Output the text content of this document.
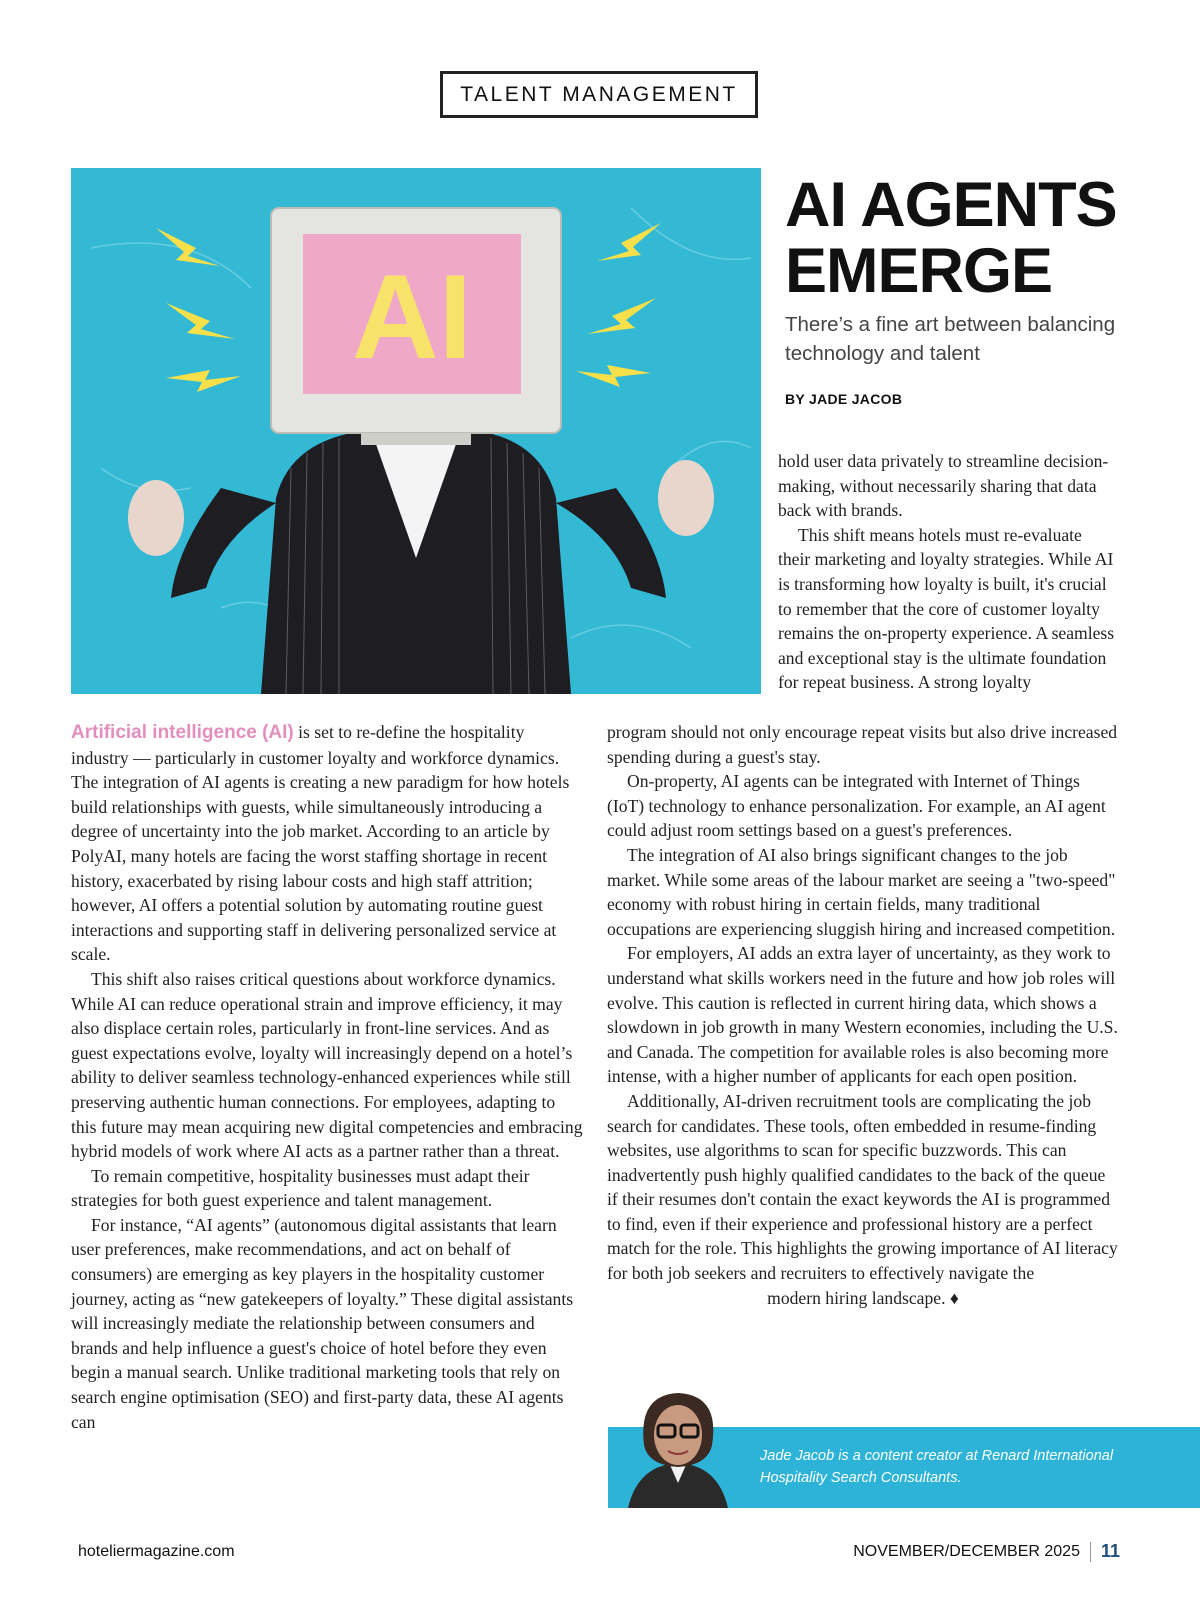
TALENT MANAGEMENT
AI
AI AGENTS
EMERGE
There’s a fine art between balancing technology and talent
BY JADE JACOB

hold user data privately to streamline decision-making, without necessarily sharing that data back with brands.

This shift means hotels must re-evaluate their marketing and loyalty strategies. While AI is transforming how loyalty is built, it's crucial to remember that the core of customer loyalty remains the on-property experience. A seamless and exceptional stay is the ultimate foundation for repeat business. A strong loyalty

Artificial intelligence (AI) is set to re-define the hospitality industry — particularly in customer loyalty and workforce dynamics. The integration of AI agents is creating a new paradigm for how hotels build relationships with guests, while simultaneously introducing a degree of uncertainty into the job market. According to an article by PolyAI, many hotels are facing the worst staffing shortage in recent history, exacerbated by rising labour costs and high staff attrition; however, AI offers a potential solution by automating routine guest interactions and supporting staff in delivering personalized service at scale.

This shift also raises critical questions about workforce dynamics. While AI can reduce operational strain and improve efficiency, it may also displace certain roles, particularly in front-line services. And as guest expectations evolve, loyalty will increasingly depend on a hotel’s ability to deliver seamless technology-enhanced experiences while still preserving authentic human connections. For employees, adapting to this future may mean acquiring new digital competencies and embracing hybrid models of work where AI acts as a partner rather than a threat.

To remain competitive, hospitality businesses must adapt their strategies for both guest experience and talent management.

For instance, “AI agents” (autonomous digital assistants that learn user preferences, make recommendations, and act on behalf of consumers) are emerging as key players in the hospitality customer journey, acting as “new gatekeepers of loyalty.” These digital assistants will increasingly mediate the relationship between consumers and brands and help influence a guest's choice of hotel before they even begin a manual search. Unlike traditional marketing tools that rely on search engine optimisation (SEO) and first-party data, these AI agents can

program should not only encourage repeat visits but also drive increased spending during a guest's stay.

On-property, AI agents can be integrated with Internet of Things (IoT) technology to enhance personalization. For example, an AI agent could adjust room settings based on a guest's preferences.

The integration of AI also brings significant changes to the job market. While some areas of the labour market are seeing a "two-speed" economy with robust hiring in certain fields, many traditional occupations are experiencing sluggish hiring and increased competition.

For employers, AI adds an extra layer of uncertainty, as they work to understand what skills workers need in the future and how job roles will evolve. This caution is reflected in current hiring data, which shows a slowdown in job growth in many Western economies, including the U.S. and Canada. The competition for available roles is also becoming more intense, with a higher number of applicants for each open position.

Additionally, AI-driven recruitment tools are complicating the job search for candidates. These tools, often embedded in resume-finding websites, use algorithms to scan for specific buzzwords. This can inadvertently push highly qualified candidates to the back of the queue if their resumes don't contain the exact keywords the AI is programmed to find, even if their experience and professional history are a perfect match for the role. This highlights the growing importance of AI literacy for both job seekers and recruiters to effectively navigate the

modern hiring landscape. ♦

Jade Jacob is a content creator at Renard International Hospitality Search Consultants.
hoteliermagazine.com	NOVEMBER/DECEMBER 2025 11
